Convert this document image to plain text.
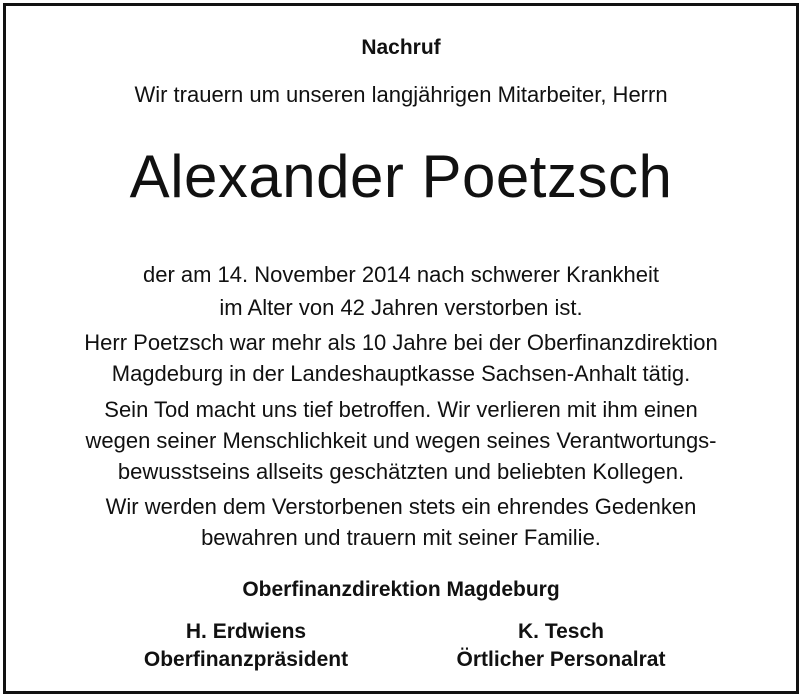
Nachruf
Wir trauern um unseren langjährigen Mitarbeiter, Herrn
Alexander Poetzsch
der am 14. November 2014 nach schwerer Krankheit
im Alter von 42 Jahren verstorben ist.
Herr Poetzsch war mehr als 10 Jahre bei der Oberfinanzdirektion
Magdeburg in der Landeshauptkasse Sachsen-Anhalt tätig.
Sein Tod macht uns tief betroffen. Wir verlieren mit ihm einen
wegen seiner Menschlichkeit und wegen seines Verantwortungs-
bewusstseins allseits geschätzten und beliebten Kollegen.
Wir werden dem Verstorbenen stets ein ehrendes Gedenken
bewahren und trauern mit seiner Familie.
Oberfinanzdirektion Magdeburg
H. Erdwiens
Oberfinanzpräsident
K. Tesch
Örtlicher Personalrat
